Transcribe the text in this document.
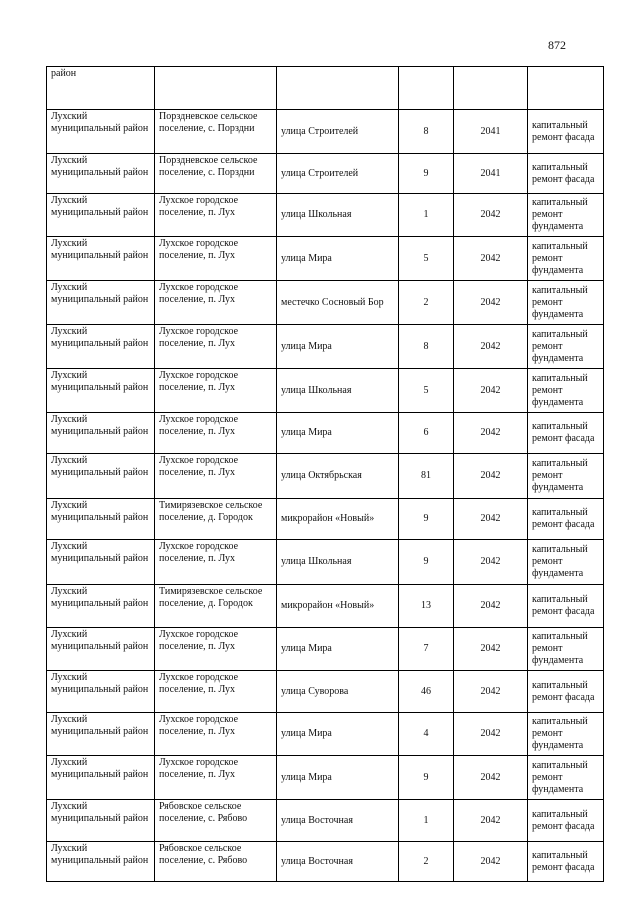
872
район					
Лухский муниципальный район	Порздневское сельское поселение, с. Порздни	улица Строителей	8	2041	капитальный ремонт фасада
Лухский муниципальный район	Порздневское сельское поселение, с. Порздни	улица Строителей	9	2041	капитальный ремонт фасада
Лухский муниципальный район	Лухское городское поселение, п. Лух	улица Школьная	1	2042	капитальный ремонт фундамента
Лухский муниципальный район	Лухское городское поселение, п. Лух	улица Мира	5	2042	капитальный ремонт фундамента
Лухский муниципальный район	Лухское городское поселение, п. Лух	местечко Сосновый Бор	2	2042	капитальный ремонт фундамента
Лухский муниципальный район	Лухское городское поселение, п. Лух	улица Мира	8	2042	капитальный ремонт фундамента
Лухский муниципальный район	Лухское городское поселение, п. Лух	улица Школьная	5	2042	капитальный ремонт фундамента
Лухский муниципальный район	Лухское городское поселение, п. Лух	улица Мира	6	2042	капитальный ремонт фасада
Лухский муниципальный район	Лухское городское поселение, п. Лух	улица Октябрьская	81	2042	капитальный ремонт фундамента
Лухский муниципальный район	Тимирязевское сельское поселение, д. Городок	микрорайон «Новый»	9	2042	капитальный ремонт фасада
Лухский муниципальный район	Лухское городское поселение, п. Лух	улица Школьная	9	2042	капитальный ремонт фундамента
Лухский муниципальный район	Тимирязевское сельское поселение, д. Городок	микрорайон «Новый»	13	2042	капитальный ремонт фасада
Лухский муниципальный район	Лухское городское поселение, п. Лух	улица Мира	7	2042	капитальный ремонт фундамента
Лухский муниципальный район	Лухское городское поселение, п. Лух	улица Суворова	46	2042	капитальный ремонт фасада
Лухский муниципальный район	Лухское городское поселение, п. Лух	улица Мира	4	2042	капитальный ремонт фундамента
Лухский муниципальный район	Лухское городское поселение, п. Лух	улица Мира	9	2042	капитальный ремонт фундамента
Лухский муниципальный район	Рябовское сельское поселение, с. Рябово	улица Восточная	1	2042	капитальный ремонт фасада
Лухский муниципальный район	Рябовское сельское поселение, с. Рябово	улица Восточная	2	2042	капитальный ремонт фасада
